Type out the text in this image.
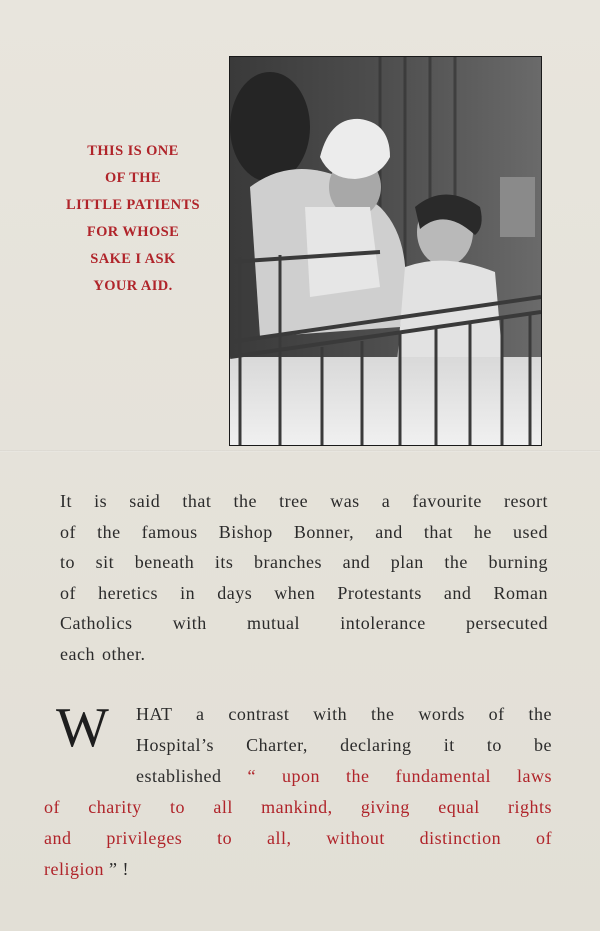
THIS IS ONE
OF THE
LITTLE PATIENTS
FOR WHOSE
SAKE I ASK
YOUR AID.
It is said that the tree was a favourite resort
of the famous Bishop Bonner, and that he used
to sit beneath its branches and plan the burning
of heretics in days when Protestants and Roman
Catholics with mutual intolerance persecuted
each other.
W	HAT a contrast with the words of the
Hospital’s Charter, declaring it to be
established “ upon the fundamental laws
of charity to all mankind, giving equal rights
and privileges to all, without distinction of
religion ” !
